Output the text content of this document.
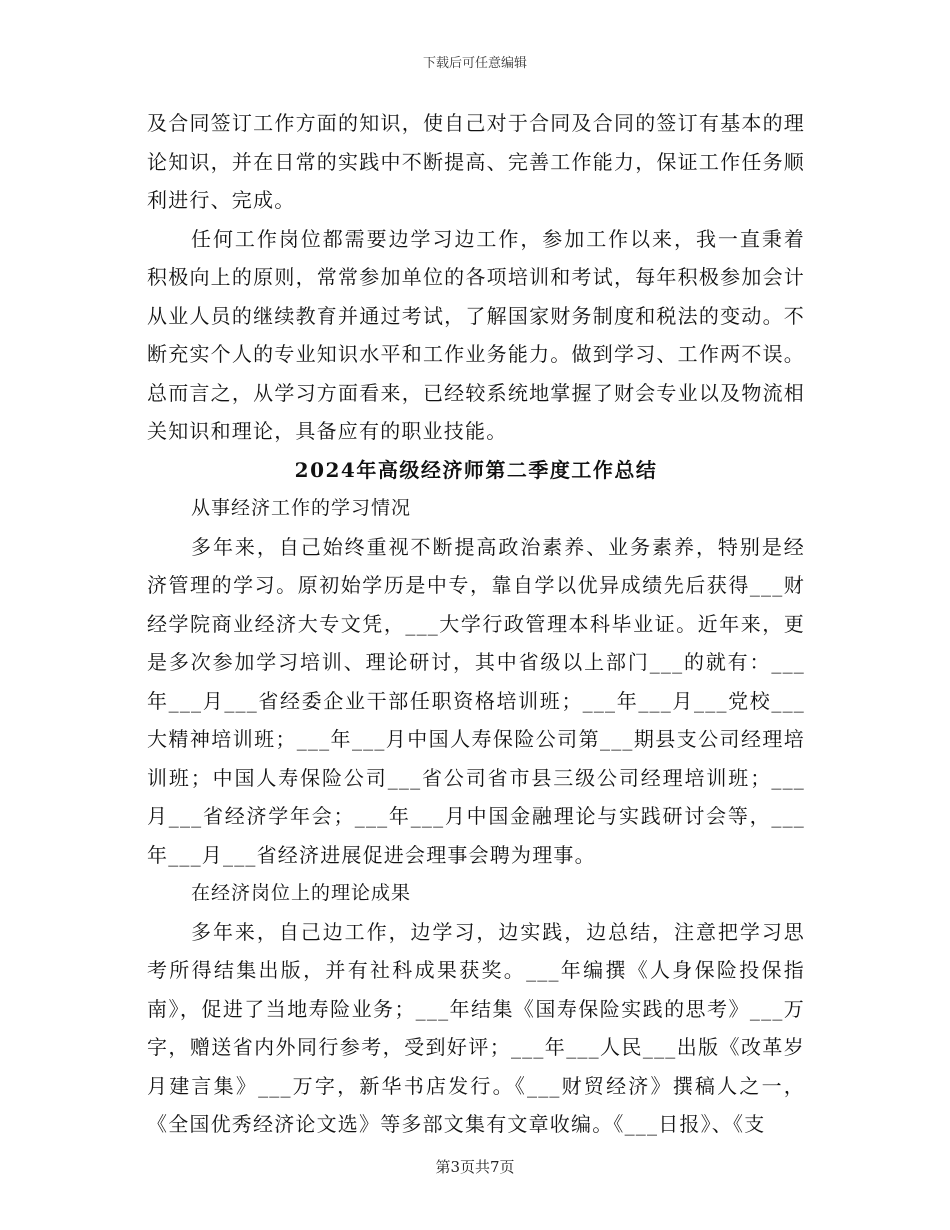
下载后可任意编辑

及合同签订工作方面的知识，使自己对于合同及合同的签订有基本的理论知识，并在日常的实践中不断提高、完善工作能力，保证工作任务顺利进行、完成。

任何工作岗位都需要边学习边工作，参加工作以来，我一直秉着积极向上的原则，常常参加单位的各项培训和考试，每年积极参加会计从业人员的继续教育并通过考试，了解国家财务制度和税法的变动。不断充实个人的专业知识水平和工作业务能力。做到学习、工作两不误。总而言之，从学习方面看来，已经较系统地掌握了财会专业以及物流相关知识和理论，具备应有的职业技能。

2024年高级经济师第二季度工作总结

从事经济工作的学习情况

多年来，自己始终重视不断提高政治素养、业务素养，特别是经济管理的学习。原初始学历是中专，靠自学以优异成绩先后获得___财经学院商业经济大专文凭，___大学行政管理本科毕业证。近年来，更是多次参加学习培训、理论研讨，其中省级以上部门___的就有：___年___月___省经委企业干部任职资格培训班；___年___月___党校___大精神培训班；___年___月中国人寿保险公司第___期县支公司经理培训班；中国人寿保险公司___省公司省市县三级公司经理培训班；___月___省经济学年会；___年___月中国金融理论与实践研讨会等，___年___月___省经济进展促进会理事会聘为理事。

在经济岗位上的理论成果

多年来，自己边工作，边学习，边实践，边总结，注意把学习思考所得结集出版，并有社科成果获奖。___年编撰《人身保险投保指南》，促进了当地寿险业务；___年结集《国寿保险实践的思考》___万字，赠送省内外同行参考，受到好评；___年___人民___出版《改革岁月建言集》___万字，新华书店发行。《___财贸经济》撰稿人之一，《全国优秀经济论文选》等多部文集有文章收编。《___日报》、《支

第3页共7页
